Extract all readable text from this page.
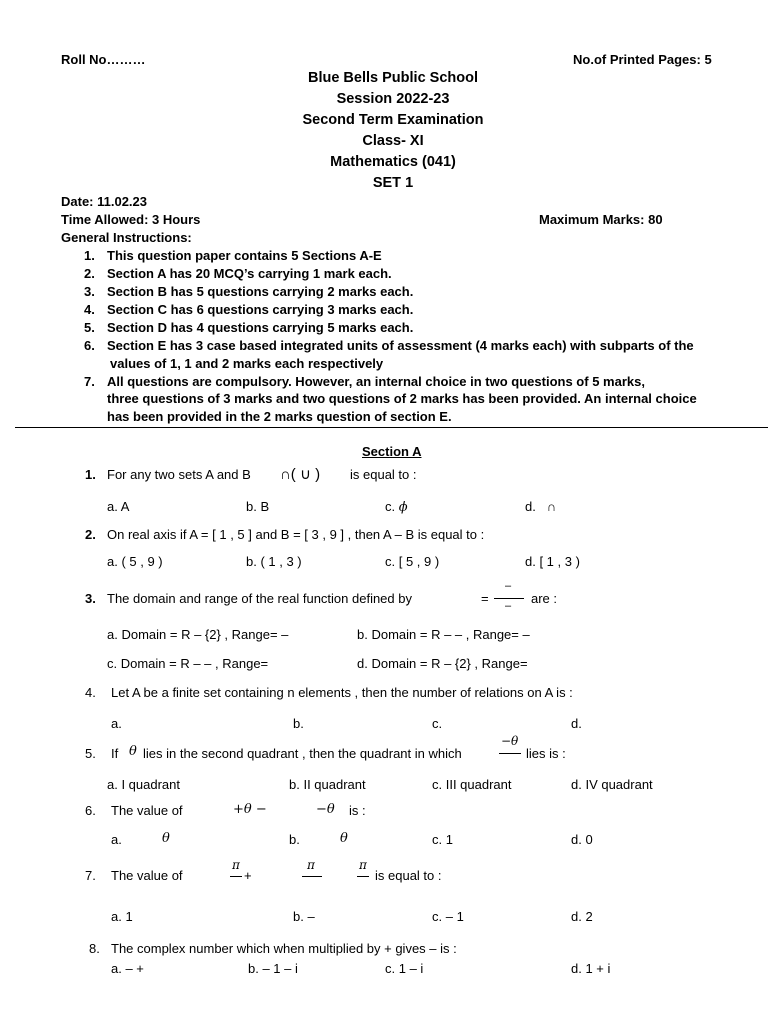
Roll No………	No.of Printed Pages: 5
Blue Bells Public School
Session 2022-23
Second Term Examination
Class- XI
Mathematics (041)
SET 1
Date: 11.02.23
Time Allowed: 3 Hours	Maximum Marks: 80
General Instructions:
1. This question paper contains 5 Sections A-E
2. Section A has 20 MCQ’s carrying 1 mark each.
3. Section B has 5 questions carrying 2 marks each.
4. Section C has 6 questions carrying 3 marks each.
5. Section D has 4 questions carrying 5 marks each.
6. Section E has 3 case based integrated units of assessment (4 marks each) with subparts of the
values of 1, 1 and 2 marks each respectively
7. All questions are compulsory. However, an internal choice in two questions of 5 marks,
three questions of 3 marks and two questions of 2 marks has been provided. An internal choice
has been provided in the 2 marks question of section E.
Section A
1. For any two sets A and B ∩( ∪ ) is equal to :
a. A	b. B	c. ϕ	d. ∩
2. On real axis if A = [ 1 , 5 ] and B = [ 3 , 9 ] , then A – B is equal to :
a. ( 5 , 9 )	b. ( 1 , 3 )	c. [ 5 , 9 )	d. [ 1 , 3 )
3. The domain and range of the real function defined by	=
–
– are :
a. Domain = R – {2} , Range= –	b. Domain = R – – , Range= –
c. Domain = R – – , Range=	d. Domain = R – {2} , Range=
4. Let A be a finite set containing n elements , then the number of relations on A is :
a.	b.	c.	d.
5. If θ lies in the second quadrant , then the quadrant in which
−θ
lies is :
a. I quadrant	b. II quadrant	c. III quadrant	d. IV quadrant
6. The value of	+θ −	−θ is :
a.	θ	b.	θ	c. 1	d. 0
7. The value of
π
+
π	π
is equal to :
a. 1	b. –	c. – 1	d. 2
8. The complex number which when multiplied by + gives – is :
a. – +	b. – 1 – i	c. 1 – i	d. 1 + i
